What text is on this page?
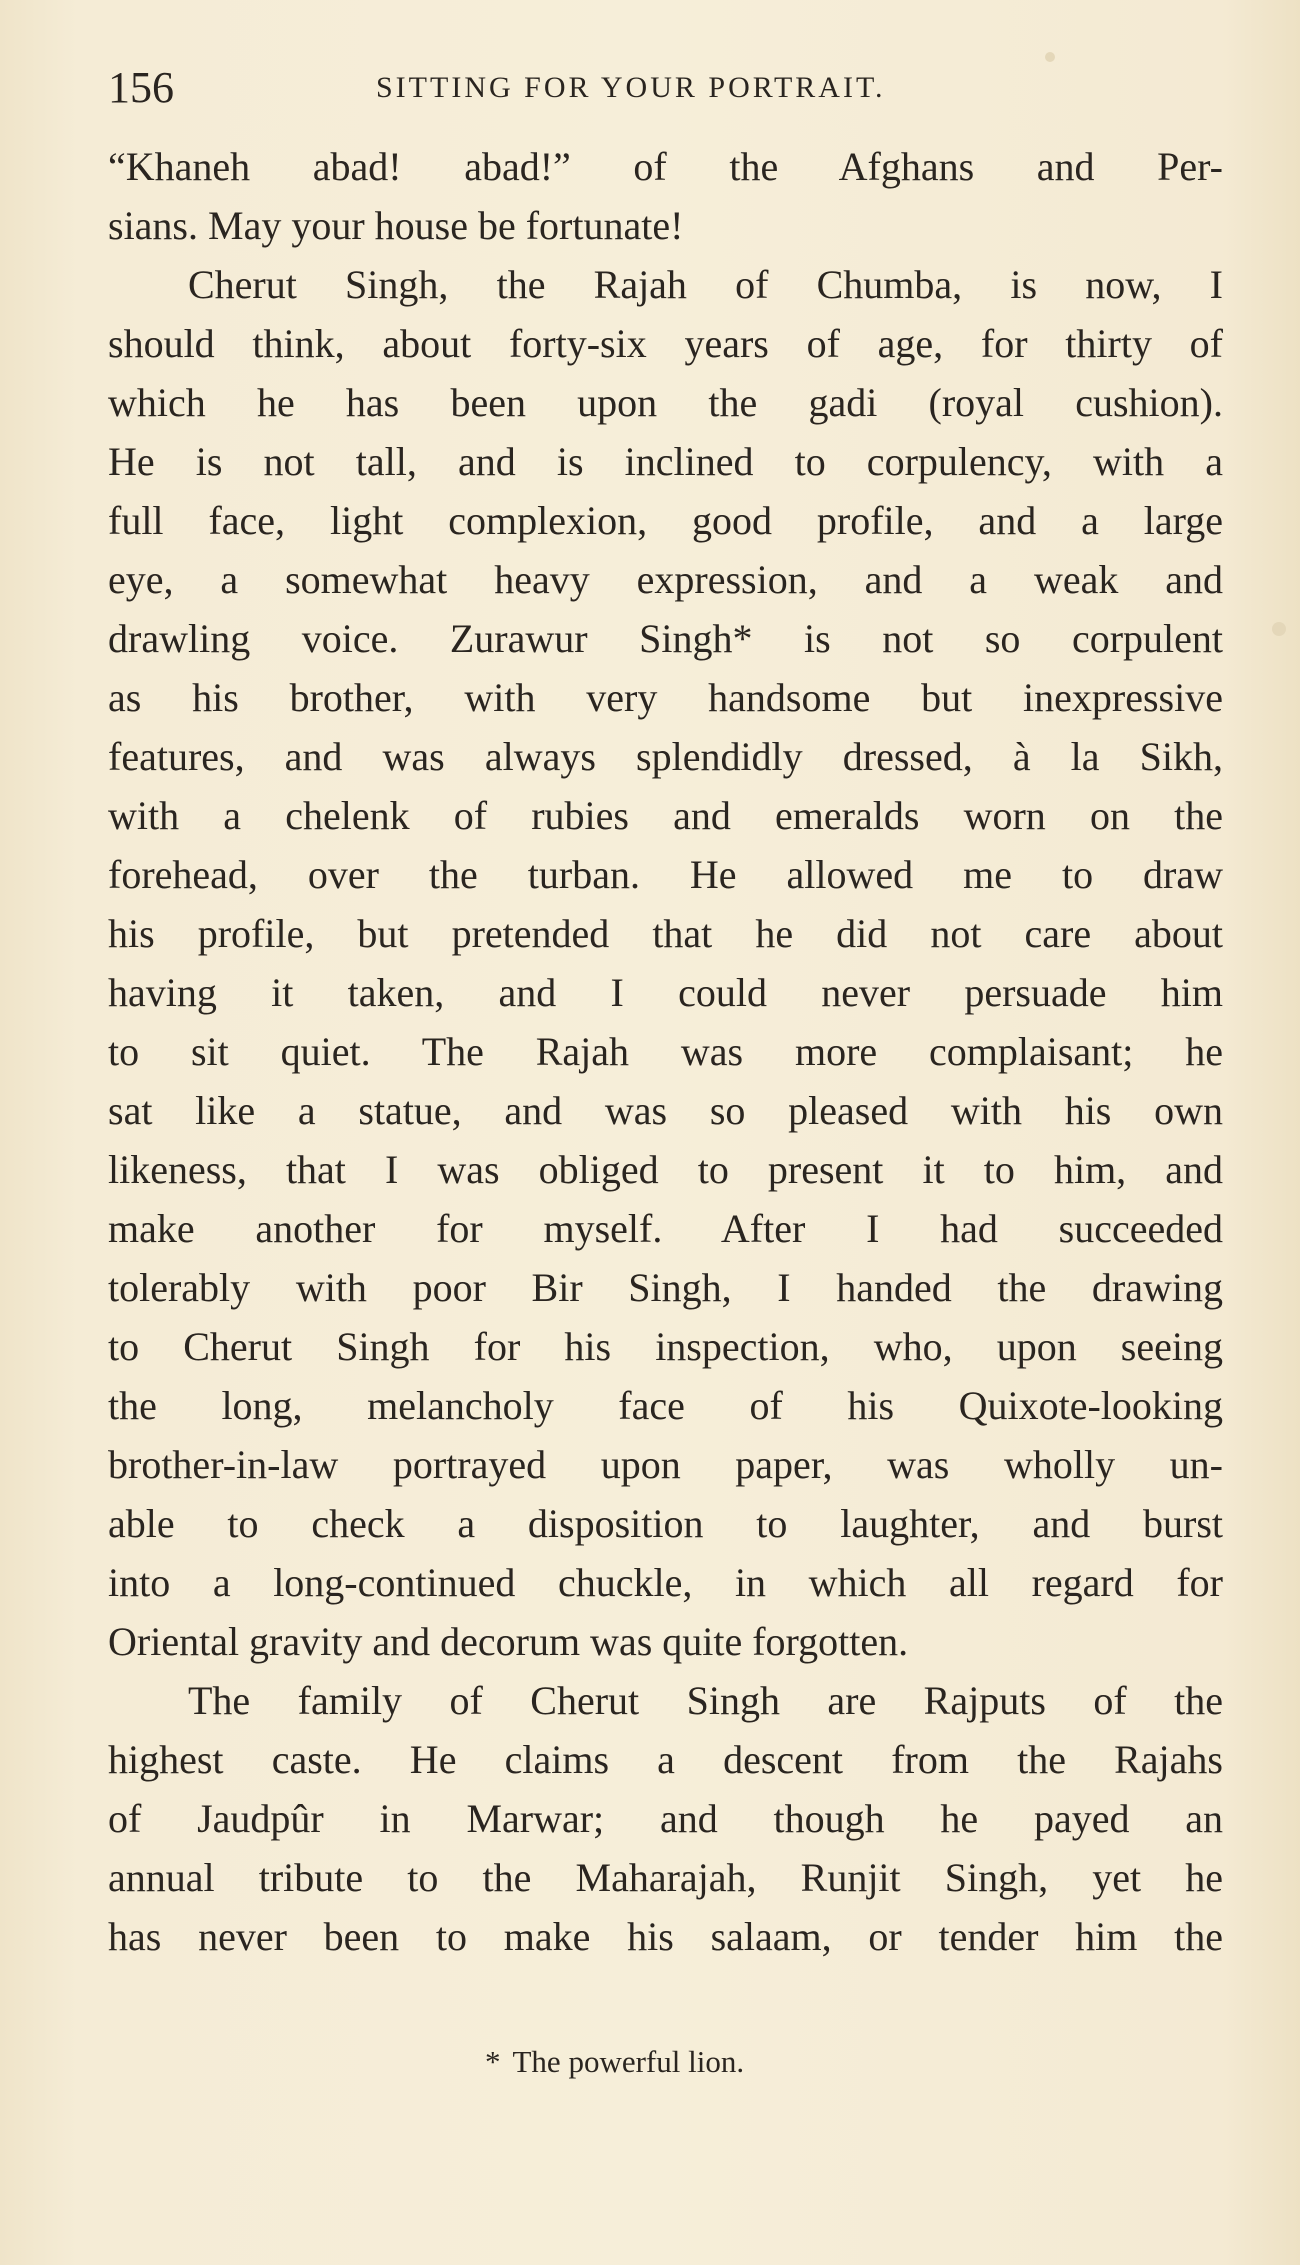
156	SITTING FOR YOUR PORTRAIT.
“Khaneh abad! abad!” of the Afghans and Per-
sians. May your house be fortunate!
Cherut Singh, the Rajah of Chumba, is now, I
should think, about forty-six years of age, for thirty of
which he has been upon the gadi (royal cushion).
He is not tall, and is inclined to corpulency, with a
full face, light complexion, good profile, and a large
eye, a somewhat heavy expression, and a weak and
drawling voice. Zurawur Singh* is not so corpulent
as his brother, with very handsome but inexpressive
features, and was always splendidly dressed, à la Sikh,
with a chelenk of rubies and emeralds worn on the
forehead, over the turban. He allowed me to draw
his profile, but pretended that he did not care about
having it taken, and I could never persuade him
to sit quiet. The Rajah was more complaisant; he
sat like a statue, and was so pleased with his own
likeness, that I was obliged to present it to him, and
make another for myself. After I had succeeded
tolerably with poor Bir Singh, I handed the drawing
to Cherut Singh for his inspection, who, upon seeing
the long, melancholy face of his Quixote-looking
brother-in-law portrayed upon paper, was wholly un-
able to check a disposition to laughter, and burst
into a long-continued chuckle, in which all regard for
Oriental gravity and decorum was quite forgotten.
The family of Cherut Singh are Rajputs of the
highest caste. He claims a descent from the Rajahs
of Jaudpûr in Marwar; and though he payed an
annual tribute to the Maharajah, Runjit Singh, yet he
has never been to make his salaam, or tender him the
* The powerful lion.
